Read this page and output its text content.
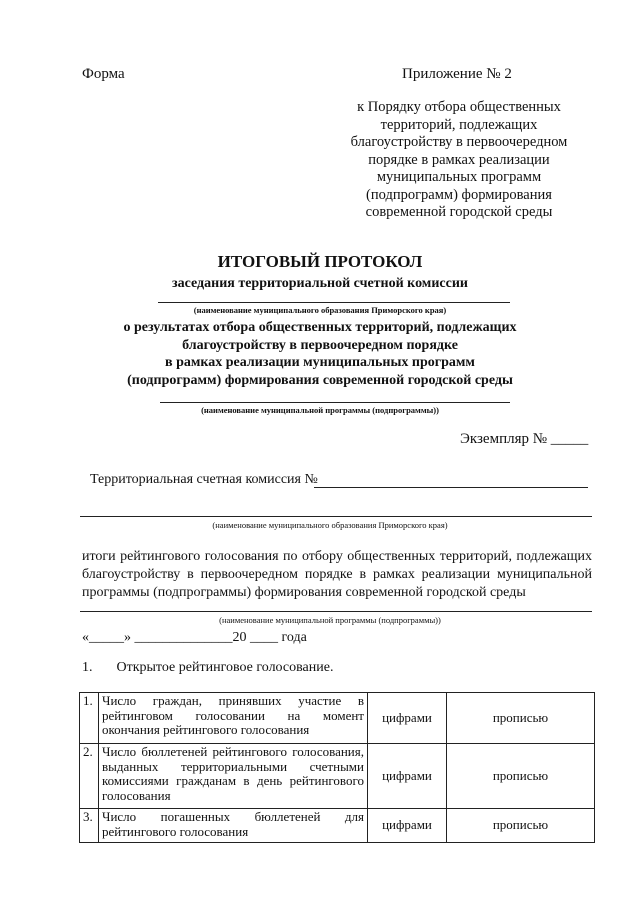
Форма	Приложение № 2
к Порядку отбора общественных
территорий, подлежащих
благоустройству в первоочередном
порядке в рамках реализации
муниципальных программ
(подпрограмм) формирования
современной городской среды
ИТОГОВЫЙ ПРОТОКОЛ
заседания территориальной счетной комиссии
(наименование муниципального образования Приморского края)
о результатах отбора общественных территорий, подлежащих
благоустройству в первоочередном порядке
в рамках реализации муниципальных программ
(подпрограмм) формирования современной городской среды
(наименование муниципальной программы (подпрограммы))
Экземпляр № _____
Территориальная счетная комиссия №
(наименование муниципального образования Приморского края)
итоги рейтингового голосования по отбору общественных территорий, подлежащих благоустройству в первоочередном порядке в рамках реализации муниципальной программы (подпрограммы) формирования современной городской среды
(наименование муниципальной программы (подпрограммы))
«_____» ______________20 ____ года
1. Открытое рейтинговое голосование.
1.	Число граждан, принявших участие в рейтинговом голосовании на момент окончания рейтингового голосования	цифрами	прописью
2.	Число бюллетеней рейтингового голосования, выданных территориальными счетными комиссиями гражданам в день рейтингового голосования	цифрами	прописью
3.	Число погашенных бюллетеней для рейтингового голосования	цифрами	прописью
